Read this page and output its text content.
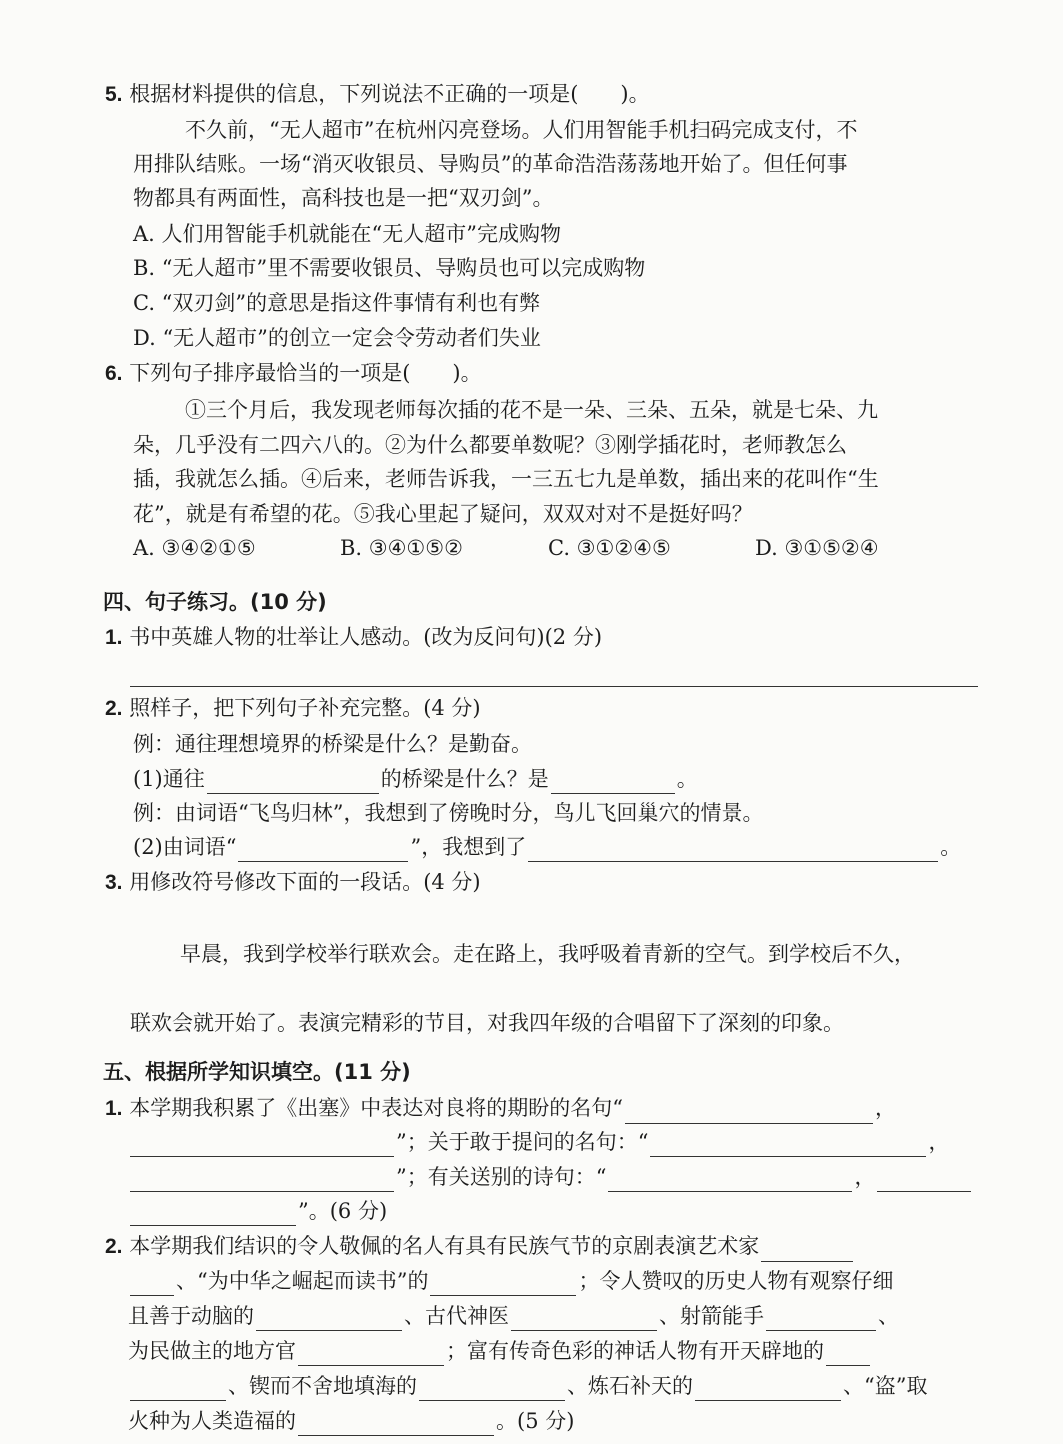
5. 根据材料提供的信息，下列说法不正确的一项是(　　)。
不久前，“无人超市”在杭州闪亮登场。人们用智能手机扫码完成支付，不
用排队结账。一场“消灭收银员、导购员”的革命浩浩荡荡地开始了。但任何事
物都具有两面性，高科技也是一把“双刃剑”。
A. 人们用智能手机就能在“无人超市”完成购物
B. “无人超市”里不需要收银员、导购员也可以完成购物
C. “双刃剑”的意思是指这件事情有利也有弊
D. “无人超市”的创立一定会令劳动者们失业
6. 下列句子排序最恰当的一项是(　　)。
①三个月后，我发现老师每次插的花不是一朵、三朵、五朵，就是七朵、九
朵，几乎没有二四六八的。②为什么都要单数呢？③刚学插花时，老师教怎么
插，我就怎么插。④后来，老师告诉我，一三五七九是单数，插出来的花叫作“生
花”，就是有希望的花。⑤我心里起了疑问，双双对对不是挺好吗？
A. ③④②①⑤	B. ③④①⑤②	C. ③①②④⑤	D. ③①⑤②④
四、句子练习。(10 分)
1. 书中英雄人物的壮举让人感动。(改为反问句)(2 分)
2. 照样子，把下列句子补充完整。(4 分)
例：通往理想境界的桥梁是什么？是勤奋。
(1)通往	的桥梁是什么？是	。
例：由词语“飞鸟归林”，我想到了傍晚时分，鸟儿飞回巢穴的情景。
(2)由词语“	”，我想到了	。
3. 用修改符号修改下面的一段话。(4 分)
早晨，我到学校举行联欢会。走在路上，我呼吸着青新的空气。到学校后不久，
联欢会就开始了。表演完精彩的节目，对我四年级的合唱留下了深刻的印象。
五、根据所学知识填空。(11 分)
1. 本学期我积累了《出塞》中表达对良将的期盼的名句“	，
”；关于敢于提问的名句：“	，
”；有关送别的诗句：“	，
”。(6 分)
2. 本学期我们结识的令人敬佩的名人有具有民族气节的京剧表演艺术家
、“为中华之崛起而读书”的	；令人赞叹的历史人物有观察仔细
且善于动脑的	、古代神医	、射箭能手	、
为民做主的地方官	；富有传奇色彩的神话人物有开天辟地的
、锲而不舍地填海的	、炼石补天的	、“盗”取
火种为人类造福的	。(5 分)
